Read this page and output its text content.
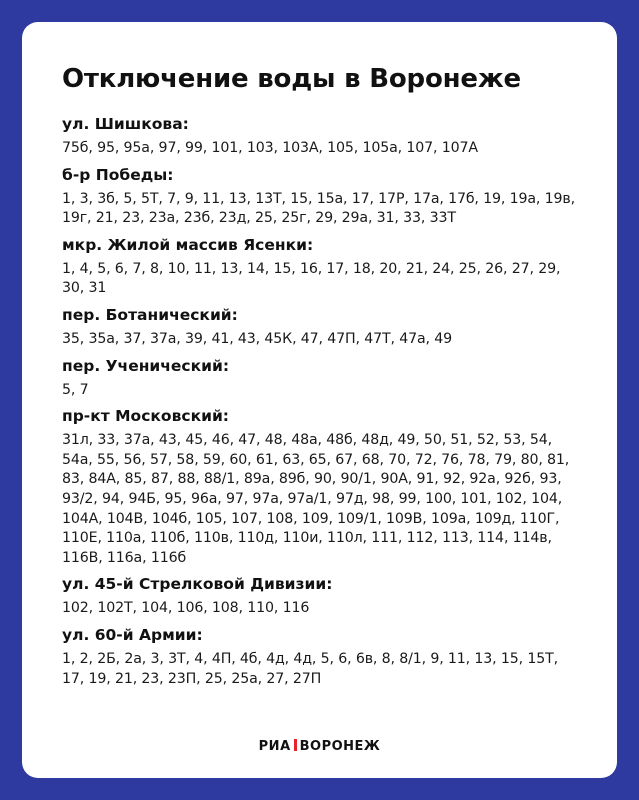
Отключение воды в Воронеже
ул. Шишкова:
75б, 95, 95а, 97, 99, 101, 103, 103А, 105, 105а, 107, 107А
б-р Победы:
1, 3, 3б, 5, 5Т, 7, 9, 11, 13, 13Т, 15, 15а, 17, 17Р, 17а, 17б, 19, 19а, 19в, 19г, 21, 23, 23а, 23б, 23д, 25, 25г, 29, 29а, 31, 33, 33Т
мкр. Жилой массив Ясенки:
1, 4, 5, 6, 7, 8, 10, 11, 13, 14, 15, 16, 17, 18, 20, 21, 24, 25, 26, 27, 29, 30, 31
пер. Ботанический:
35, 35а, 37, 37а, 39, 41, 43, 45К, 47, 47П, 47Т, 47а, 49
пер. Ученический:
5, 7
пр-кт Московский:
31л, 33, 37а, 43, 45, 46, 47, 48, 48а, 48б, 48д, 49, 50, 51, 52, 53, 54, 54а, 55, 56, 57, 58, 59, 60, 61, 63, 65, 67, 68, 70, 72, 76, 78, 79, 80, 81, 83, 84А, 85, 87, 88, 88/1, 89а, 89б, 90, 90/1, 90А, 91, 92, 92а, 92б, 93, 93/2, 94, 94Б, 95, 96а, 97, 97а, 97а/1, 97д, 98, 99, 100, 101, 102, 104, 104А, 104В, 104б, 105, 107, 108, 109, 109/1, 109В, 109а, 109д, 110Г, 110Е, 110а, 110б, 110в, 110д, 110и, 110л, 111, 112, 113, 114, 114в, 116В, 116а, 116б
ул. 45-й Стрелковой Дивизии:
102, 102Т, 104, 106, 108, 110, 116
ул. 60-й Армии:
1, 2, 2Б, 2а, 3, 3Т, 4, 4П, 4б, 4д, 4д, 5, 6, 6в, 8, 8/1, 9, 11, 13, 15, 15Т, 17, 19, 21, 23, 23П, 25, 25а, 27, 27П
РИА ВОРОНЕЖ
